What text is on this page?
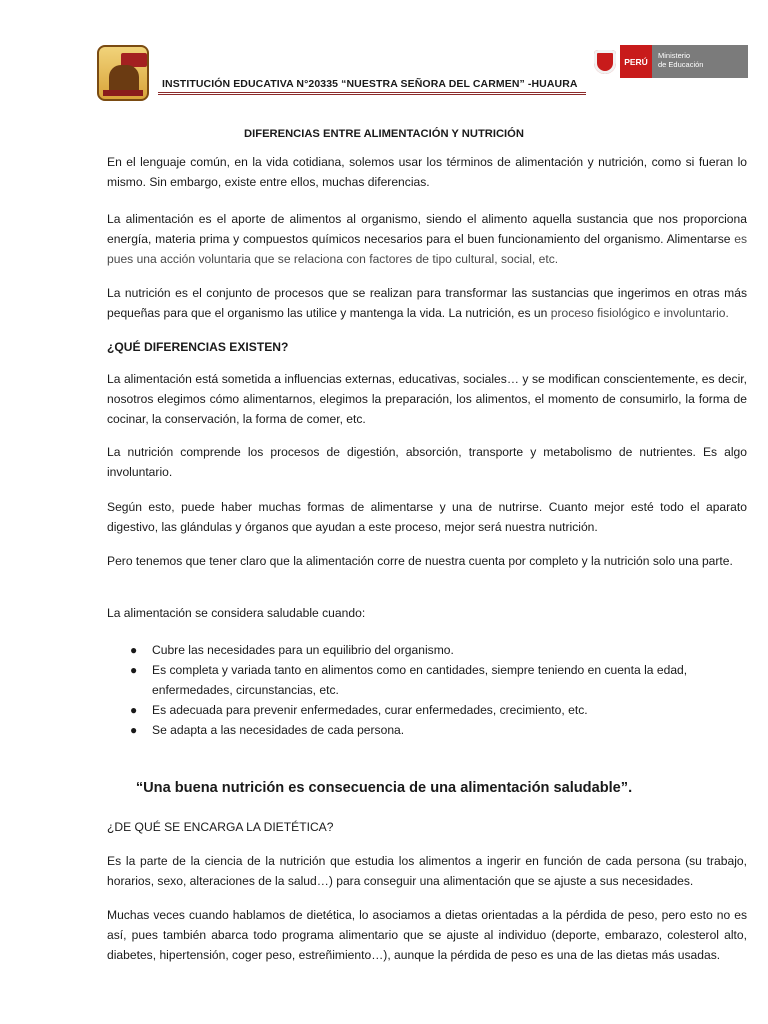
INSTITUCIÓN EDUCATIVA N°20335 “NUESTRA SEÑORA DEL CARMEN” -HUAURA
PERÚ
Ministerio
de Educación
DIFERENCIAS ENTRE ALIMENTACIÓN Y NUTRICIÓN

En el lenguaje común, en la vida cotidiana, solemos usar los términos de alimentación y nutrición, como si fueran lo mismo. Sin embargo, existe entre ellos, muchas diferencias.

La alimentación es el aporte de alimentos al organismo, siendo el alimento aquella sustancia que nos proporciona energía, materia prima y compuestos químicos necesarios para el buen funcionamiento del organismo. Alimentarse es pues una acción voluntaria que se relaciona con factores de tipo cultural, social, etc.

La nutrición es el conjunto de procesos que se realizan para transformar las sustancias que ingerimos en otras más pequeñas para que el organismo las utilice y mantenga la vida. La nutrición, es un proceso fisiológico e involuntario.

¿QUÉ DIFERENCIAS EXISTEN?

La alimentación está sometida a influencias externas, educativas, sociales… y se modifican conscientemente, es decir, nosotros elegimos cómo alimentarnos, elegimos la preparación, los alimentos, el momento de consumirlo, la forma de cocinar, la conservación, la forma de comer, etc.

La nutrición comprende los procesos de digestión, absorción, transporte y metabolismo de nutrientes. Es algo involuntario.

Según esto, puede haber muchas formas de alimentarse y una de nutrirse. Cuanto mejor esté todo el aparato digestivo, las glándulas y órganos que ayudan a este proceso, mejor será nuestra nutrición.

Pero tenemos que tener claro que la alimentación corre de nuestra cuenta por completo y la nutrición solo una parte.

La alimentación se considera saludable cuando:

● Cubre las necesidades para un equilibrio del organismo.
● Es completa y variada tanto en alimentos como en cantidades, siempre teniendo en cuenta la edad, enfermedades, circunstancias, etc.
● Es adecuada para prevenir enfermedades, curar enfermedades, crecimiento, etc.
● Se adapta a las necesidades de cada persona.
“Una buena nutrición es consecuencia de una alimentación saludable”.

¿DE QUÉ SE ENCARGA LA DIETÉTICA?

Es la parte de la ciencia de la nutrición que estudia los alimentos a ingerir en función de cada persona (su trabajo, horarios, sexo, alteraciones de la salud…) para conseguir una alimentación que se ajuste a sus necesidades.

Muchas veces cuando hablamos de dietética, lo asociamos a dietas orientadas a la pérdida de peso, pero esto no es así, pues también abarca todo programa alimentario que se ajuste al individuo (deporte, embarazo, colesterol alto, diabetes, hipertensión, coger peso, estreñimiento…), aunque la pérdida de peso es una de las dietas más usadas.
